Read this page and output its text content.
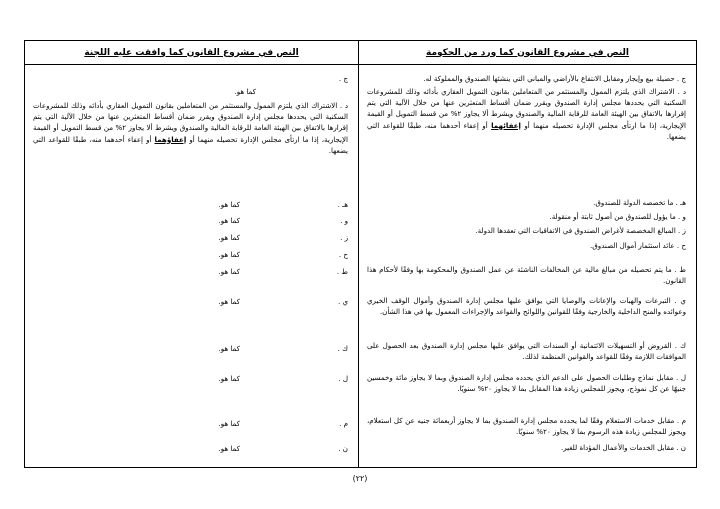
النص في مشروع القانون كما ورد من الحكومة
ج . حصيلة بيع وإيجار ومقابل الانتفاع بالأراضي والمباني التي ينشئها الصندوق والمملوكة له.
د . الاشتراك الذي يلتزم الممول والمستثمر من المتعاملين بقانون التمويل العقاري بأدائه وذلك للمشروعات السكنية التي يحددها مجلس إدارة الصندوق ويقرر ضمان أقساط المتعثرين عنها من خلال الآلية التي يتم إقرارها بالاتفاق بين الهيئة العامة للرقابة المالية والصندوق ويشرط ألا يجاوز ٢% من قسط التمويل أو القيمة الإيجارية، إذا ما ارتأى مجلس الإدارة تحصيله منهما أو إعفائهما أو إعفاء أحدهما منه، طبقًا للقواعد التي يضعها.
هـ . ما تخصصه الدولة للصندوق.
و . ما يؤول للصندوق من أصول ثابتة أو منقولة.
ز . المبالغ المخصصة لأغراض الصندوق في الاتفاقيات التي تعقدها الدولة.
ح . عائد استثمار أموال الصندوق.
ط . ما يتم تحصيله من مبالغ مالية عن المخالفات الناشئة عن عمل الصندوق والمحكومة بها وفقًا لأحكام هذا القانون.
ي . التبرعات والهبات والإعانات والوصايا التي يوافق عليها مجلس إدارة الصندوق وأموال الوقف الخيري وعوائده والمنح الداخلية والخارجية وفقًا للقوانين واللوائح والقواعد والإجراءات المعمول بها في هذا الشأن.
ك . القروض أو التسهيلات الائتمانية أو السندات التي يوافق عليها مجلس إدارة الصندوق بعد الحصول على الموافقات اللازمة وفقًا للقواعد والقوانين المنظمة لذلك.
ل . مقابل نماذج وطلبات الحصول على الدعم الذي يحدده مجلس إدارة الصندوق وبما لا يجاوز مائة وخمسين جنيهًا عن كل نموذج، ويجوز للمجلس زيادة هذا المقابل بما لا يجاوز ٢٠% سنويًا.
م . مقابل خدمات الاستعلام وفقًا لما يحدده مجلس إدارة الصندوق بما لا يجاوز أربعمائة جنيه عن كل استعلام، ويجوز للمجلس زيادة هذه الرسوم بما لا يجاوز ٢٠% سنويًا.
ن . مقابل الخدمات والأعمال المؤداة للغير.
النص في مشروع القانون كما وافقت عليه اللجنة
ج .
كما هو.
د . الاشتراك الذي يلتزم الممول والمستثمر من المتعاملين بقانون التمويل العقاري بأدائه وذلك للمشروعات السكنية التي يحددها مجلس إدارة الصندوق ويقرر ضمان أقساط المتعثرين عنها من خلال الآلية التي يتم إقرارها بالاتفاق بين الهيئة العامة للرقابة المالية والصندوق ويشرط ألا يجاوز ٢% من قسط التمويل أو القيمة الإيجارية، إذا ما ارتأى مجلس الإدارة تحصيله منهما أو إعفاؤهما أو إعفاء أحدهما منه، طبقًا للقواعد التي يضعها.
هـ .
كما هو.
و .
كما هو.
ز .
كما هو.
ح .
كما هو.
ط .
كما هو.
ي .
كما هو.
ك .
كما هو.
ل .
كما هو.
م .
كما هو.
ن .
كما هو.
(٢٢)
